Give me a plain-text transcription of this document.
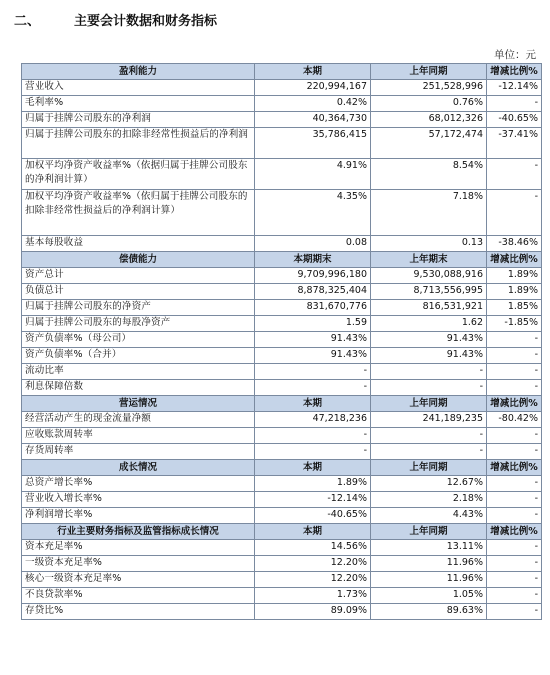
二、	主要会计数据和财务指标
单位：元
盈利能力	本期	上年同期	增减比例%
营业收入	220,994,167	251,528,996	-12.14%
毛利率%	0.42%	0.76%	-
归属于挂牌公司股东的净利润	40,364,730	68,012,326	-40.65%
归属于挂牌公司股东的扣除非经常性损益后的净利润	35,786,415	57,172,474	-37.41%
加权平均净资产收益率%（依据归属于挂牌公司股东的净利润计算）	4.91%	8.54%	-
加权平均净资产收益率%（依归属于挂牌公司股东的扣除非经常性损益后的净利润计算）	4.35%	7.18%	-
基本每股收益	0.08	0.13	-38.46%
偿债能力	本期期末	上年期末	增减比例%
资产总计	9,709,996,180	9,530,088,916	1.89%
负债总计	8,878,325,404	8,713,556,995	1.89%
归属于挂牌公司股东的净资产	831,670,776	816,531,921	1.85%
归属于挂牌公司股东的每股净资产	1.59	1.62	-1.85%
资产负债率%（母公司）	91.43%	91.43%	-
资产负债率%（合并）	91.43%	91.43%	-
流动比率	-	-	-
利息保障倍数	-	-	-
营运情况	本期	上年同期	增减比例%
经营活动产生的现金流量净额	47,218,236	241,189,235	-80.42%
应收账款周转率	-	-	-
存货周转率	-	-	-
成长情况	本期	上年同期	增减比例%
总资产增长率%	1.89%	12.67%	-
营业收入增长率%	-12.14%	2.18%	-
净利润增长率%	-40.65%	4.43%	-
行业主要财务指标及监管指标成长情况	本期	上年同期	增减比例%
资本充足率%	14.56%	13.11%	-
一级资本充足率%	12.20%	11.96%	-
核心一级资本充足率%	12.20%	11.96%	-
不良贷款率%	1.73%	1.05%	-
存贷比%	89.09%	89.63%	-
